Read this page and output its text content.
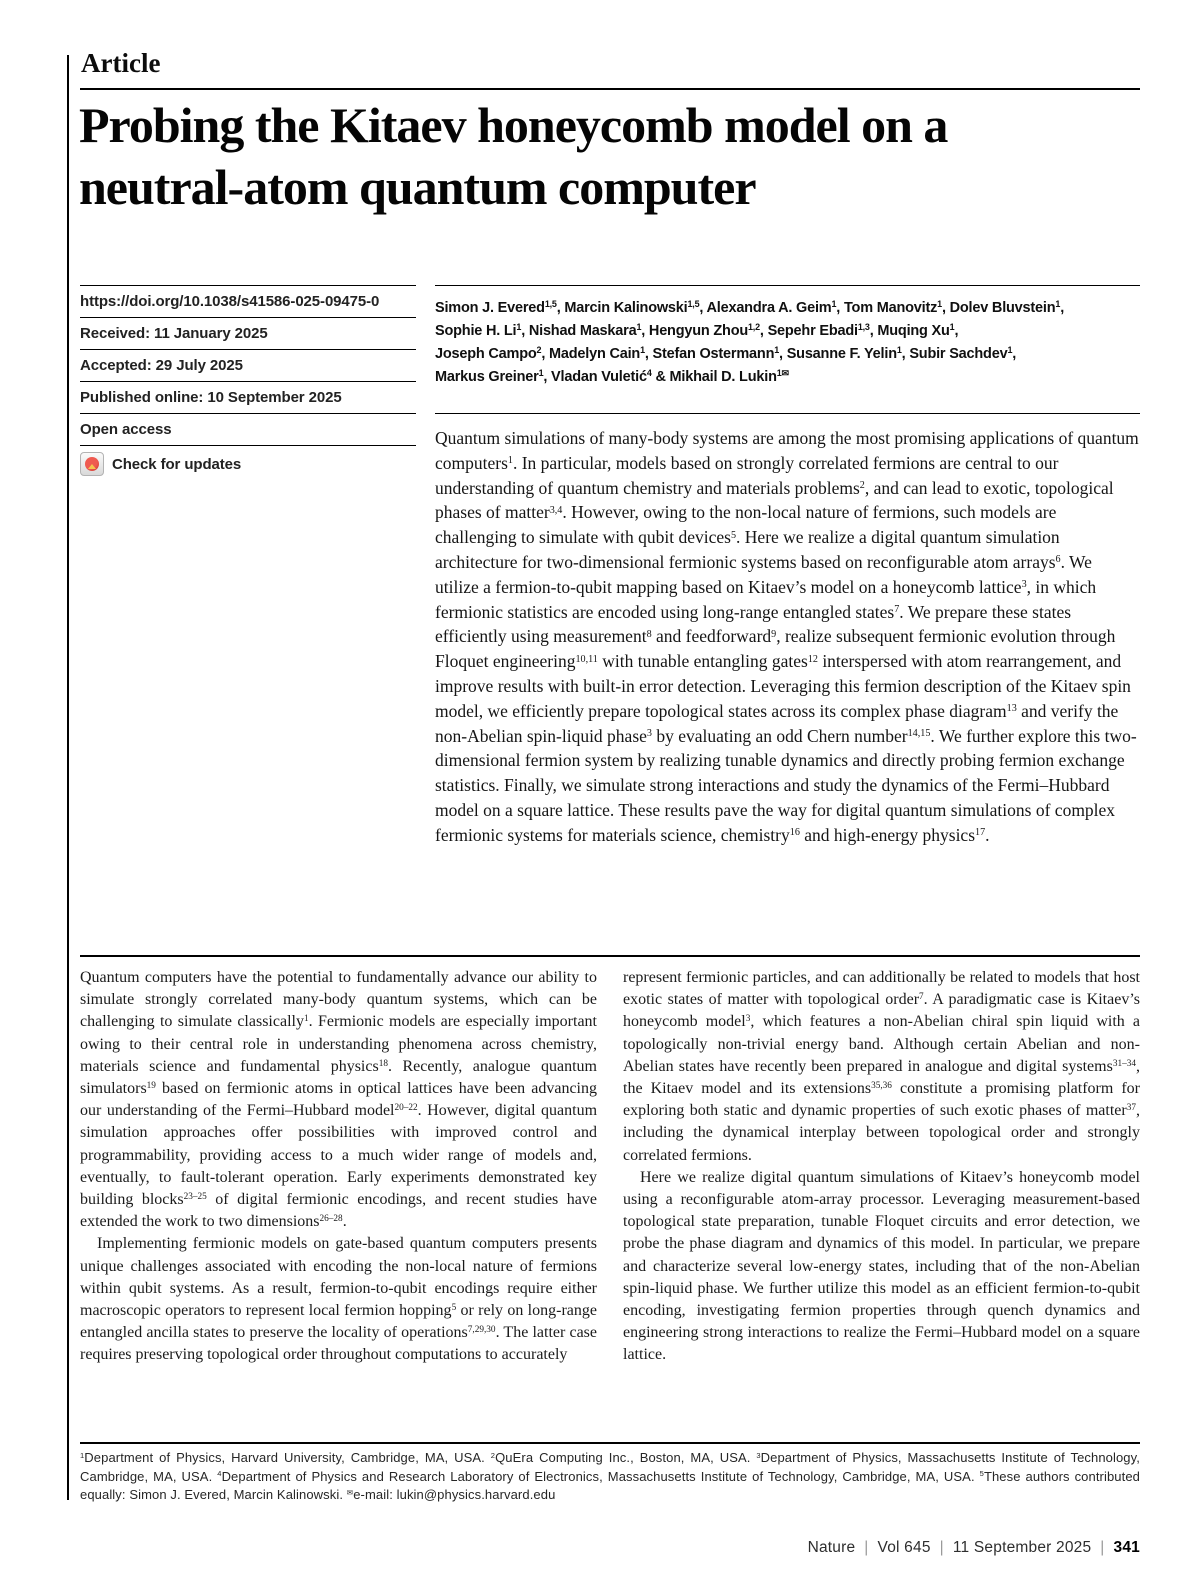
Article
Probing the Kitaev honeycomb model on a
neutral-atom quantum computer
https://doi.org/10.1038/s41586-025-09475-0
Received: 11 January 2025
Accepted: 29 July 2025
Published online: 10 September 2025
Open access
Check for updates
Simon J. Evered$^{1,5}$, Marcin Kalinowski$^{1,5}$, Alexandra A. Geim$^1$, Tom Manovitz$^1$, Dolev Bluvstein$^1$,
Sophie H. Li$^1$, Nishad Maskara$^1$, Hengyun Zhou$^{1,2}$, Sepehr Ebadi$^{1,3}$, Muqing Xu$^1$,
Joseph Campo$^2$, Madelyn Cain$^1$, Stefan Ostermann$^1$, Susanne F. Yelin$^1$, Subir Sachdev$^1$,
Markus Greiner$^1$, Vladan Vuletić$^4$ & Mikhail D. Lukin$^{1✉}$

Quantum simulations of many-body systems are among the most promising applications of quantum computers$^1$. In particular, models based on strongly correlated fermions are central to our understanding of quantum chemistry and materials problems$^2$, and can lead to exotic, topological phases of matter$^{3,4}$. However, owing to the non-local nature of fermions, such models are challenging to simulate with qubit devices$^5$. Here we realize a digital quantum simulation architecture for two-dimensional fermionic systems based on reconfigurable atom arrays$^6$. We utilize a fermion-to-qubit mapping based on Kitaev’s model on a honeycomb lattice$^3$, in which fermionic statistics are encoded using long-range entangled states$^7$. We prepare these states efficiently using measurement$^8$ and feedforward$^9$, realize subsequent fermionic evolution through Floquet engineering$^{10,11}$ with tunable entangling gates$^{12}$ interspersed with atom rearrangement, and improve results with built-in error detection. Leveraging this fermion description of the Kitaev spin model, we efficiently prepare topological states across its complex phase diagram$^{13}$ and verify the non-Abelian spin-liquid phase$^3$ by evaluating an odd Chern number$^{14,15}$. We further explore this two-dimensional fermion system by realizing tunable dynamics and directly probing fermion exchange statistics. Finally, we simulate strong interactions and study the dynamics of the Fermi–Hubbard model on a square lattice. These results pave the way for digital quantum simulations of complex fermionic systems for materials science, chemistry$^{16}$ and high-energy physics$^{17}$.

Quantum computers have the potential to fundamentally advance our ability to simulate strongly correlated many-body quantum systems, which can be challenging to simulate classically$^1$. Fermionic models are especially important owing to their central role in understanding phenomena across chemistry, materials science and fundamental physics$^{18}$. Recently, analogue quantum simulators$^{19}$ based on fermionic atoms in optical lattices have been advancing our understanding of the Fermi–Hubbard model$^{20-22}$. However, digital quantum simulation approaches offer possibilities with improved control and programmability, providing access to a much wider range of models and, eventually, to fault-tolerant operation. Early experiments demonstrated key building blocks$^{23-25}$ of digital fermionic encodings, and recent studies have extended the work to two dimensions$^{26-28}$.

Implementing fermionic models on gate-based quantum computers presents unique challenges associated with encoding the non-local nature of fermions within qubit systems. As a result, fermion-to-qubit encodings require either macroscopic operators to represent local fermion hopping$^5$ or rely on long-range entangled ancilla states to preserve the locality of operations$^{7,29,30}$. The latter case requires preserving topological order throughout computations to accurately

represent fermionic particles, and can additionally be related to models that host exotic states of matter with topological order$^7$. A paradigmatic case is Kitaev’s honeycomb model$^3$, which features a non-Abelian chiral spin liquid with a topologically non-trivial energy band. Although certain Abelian and non-Abelian states have recently been prepared in analogue and digital systems$^{31-34}$, the Kitaev model and its extensions$^{35,36}$ constitute a promising platform for exploring both static and dynamic properties of such exotic phases of matter$^{37}$, including the dynamical interplay between topological order and strongly correlated fermions.

Here we realize digital quantum simulations of Kitaev’s honeycomb model using a reconfigurable atom-array processor. Leveraging measurement-based topological state preparation, tunable Floquet circuits and error detection, we probe the phase diagram and dynamics of this model. In particular, we prepare and characterize several low-energy states, including that of the non-Abelian spin-liquid phase. We further utilize this model as an efficient fermion-to-qubit encoding, investigating fermion properties through quench dynamics and engineering strong interactions to realize the Fermi–Hubbard model on a square lattice.

$^1$Department of Physics, Harvard University, Cambridge, MA, USA. $^2$QuEra Computing Inc., Boston, MA, USA. $^3$Department of Physics, Massachusetts Institute of Technology, Cambridge, MA, USA. $^4$Department of Physics and Research Laboratory of Electronics, Massachusetts Institute of Technology, Cambridge, MA, USA. $^5$These authors contributed equally: Simon J. Evered, Marcin Kalinowski. ✉e-mail: lukin@physics.harvard.edu

Nature | Vol 645 | 11 September 2025 | 341
